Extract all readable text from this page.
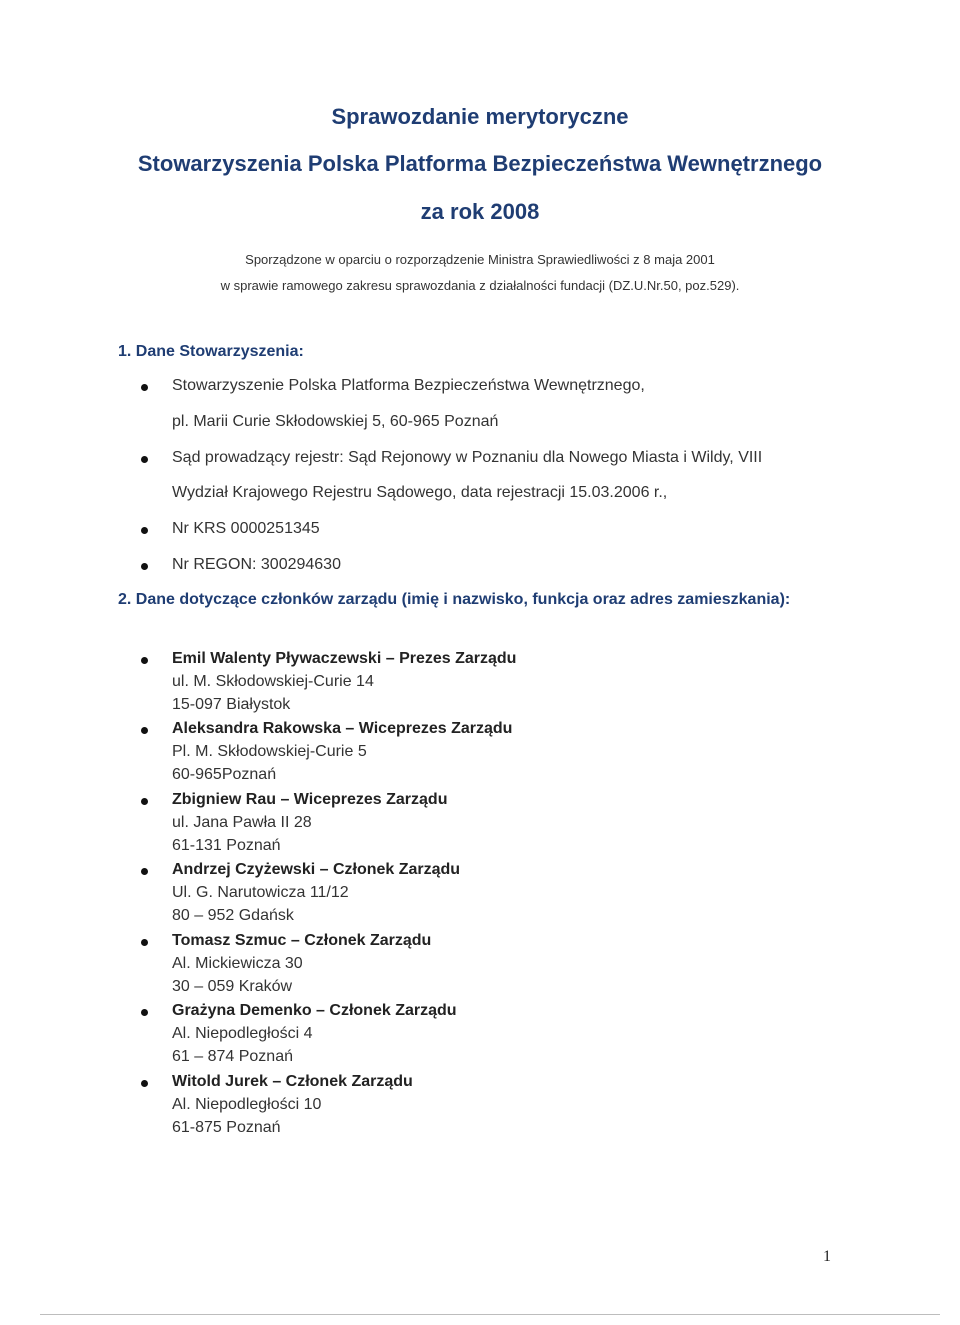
Sprawozdanie merytoryczne
Stowarzyszenia Polska Platforma Bezpieczeństwa Wewnętrznego
za rok 2008
Sporządzone w oparciu o rozporządzenie Ministra Sprawiedliwości z 8 maja 2001
w sprawie ramowego zakresu sprawozdania z działalności fundacji (DZ.U.Nr.50, poz.529).
1. Dane Stowarzyszenia:
Stowarzyszenie Polska Platforma Bezpieczeństwa Wewnętrznego,
pl. Marii Curie Skłodowskiej 5, 60-965 Poznań
Sąd prowadzący rejestr: Sąd Rejonowy w Poznaniu dla Nowego Miasta i Wildy, VIII
Wydział Krajowego Rejestru Sądowego, data rejestracji 15.03.2006 r.,
Nr KRS 0000251345
Nr REGON: 300294630
2. Dane dotyczące członków zarządu (imię i nazwisko, funkcja oraz adres zamieszkania):
Emil Walenty Pływaczewski – Prezes Zarządu
ul. M. Skłodowskiej-Curie 14
15-097 Białystok
Aleksandra Rakowska – Wiceprezes Zarządu
Pl. M. Skłodowskiej-Curie 5
60-965Poznań
Zbigniew Rau – Wiceprezes Zarządu
ul. Jana Pawła II 28
61-131 Poznań
Andrzej Czyżewski – Członek Zarządu
Ul. G. Narutowicza 11/12
80 – 952 Gdańsk
Tomasz Szmuc – Członek Zarządu
Al. Mickiewicza 30
30 – 059 Kraków
Grażyna Demenko – Członek Zarządu
Al. Niepodległości 4
61 – 874 Poznań
Witold Jurek – Członek Zarządu
Al. Niepodległości 10
61-875 Poznań
1
